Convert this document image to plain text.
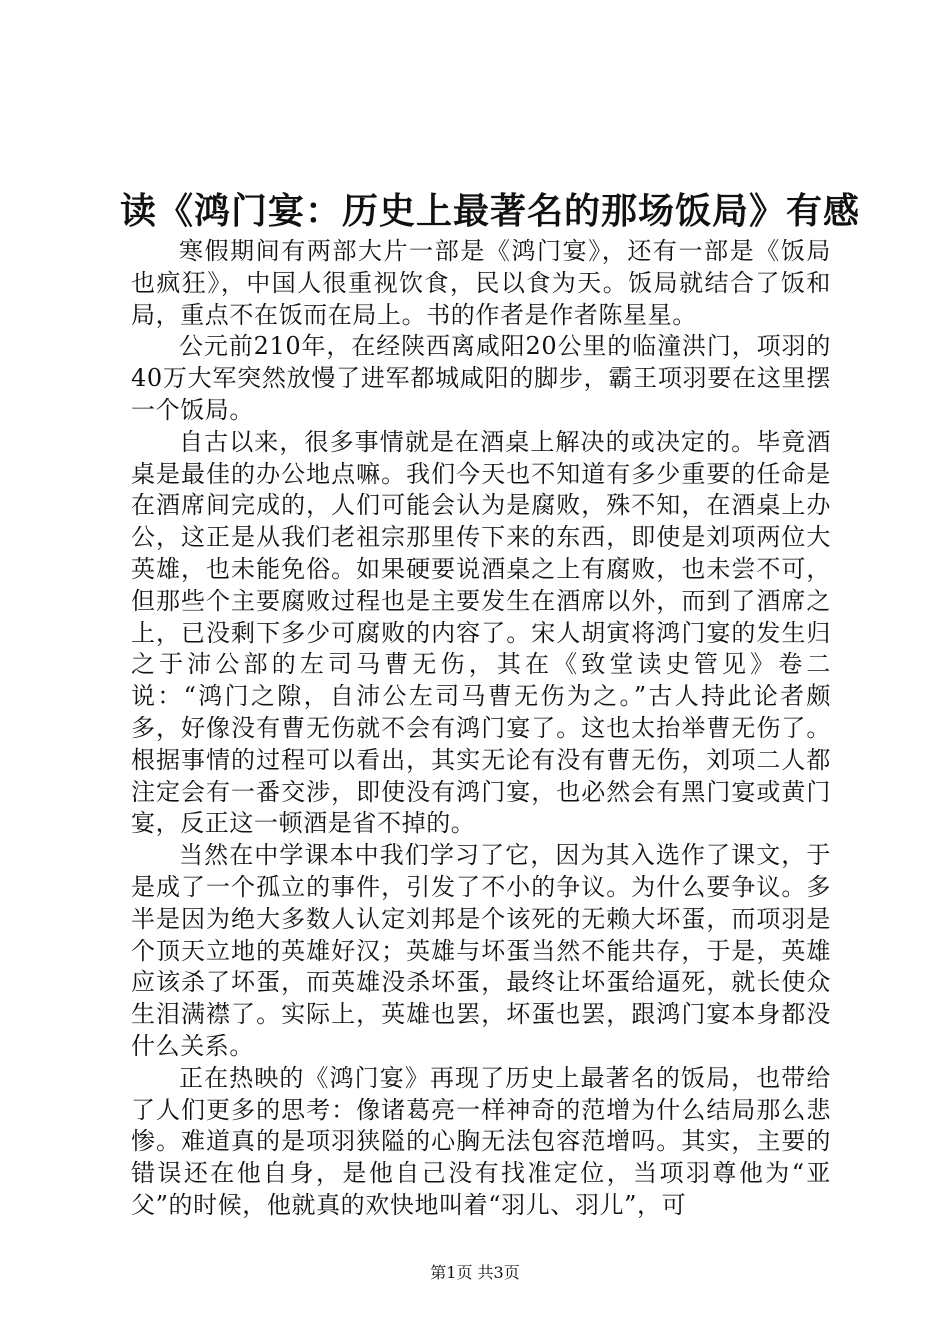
读《鸿门宴：历史上最著名的那场饭局》有感

寒假期间有两部大片一部是《鸿门宴》，还有一部是《饭局也疯狂》，中国人很重视饮食，民以食为天。饭局就结合了饭和局，重点不在饭而在局上。书的作者是作者陈星星。

公元前210年，在经陕西离咸阳20公里的临潼洪门，项羽的40万大军突然放慢了进军都城咸阳的脚步，霸王项羽要在这里摆一个饭局。

自古以来，很多事情就是在酒桌上解决的或决定的。毕竟酒桌是最佳的办公地点嘛。我们今天也不知道有多少重要的任命是在酒席间完成的，人们可能会认为是腐败，殊不知，在酒桌上办公，这正是从我们老祖宗那里传下来的东西，即使是刘项两位大英雄，也未能免俗。如果硬要说酒桌之上有腐败，也未尝不可，但那些个主要腐败过程也是主要发生在酒席以外，而到了酒席之上，已没剩下多少可腐败的内容了。宋人胡寅将鸿门宴的发生归之于沛公部的左司马曹无伤，其在《致堂读史管见》卷二说：“鸿门之隙，自沛公左司马曹无伤为之。”古人持此论者颇多，好像没有曹无伤就不会有鸿门宴了。这也太抬举曹无伤了。根据事情的过程可以看出，其实无论有没有曹无伤，刘项二人都注定会有一番交涉，即使没有鸿门宴，也必然会有黑门宴或黄门宴，反正这一顿酒是省不掉的。

当然在中学课本中我们学习了它，因为其入选作了课文，于是成了一个孤立的事件，引发了不小的争议。为什么要争议。多半是因为绝大多数人认定刘邦是个该死的无赖大坏蛋，而项羽是个顶天立地的英雄好汉；英雄与坏蛋当然不能共存，于是，英雄应该杀了坏蛋，而英雄没杀坏蛋，最终让坏蛋给逼死，就长使众生泪满襟了。实际上，英雄也罢，坏蛋也罢，跟鸿门宴本身都没什么关系。

正在热映的《鸿门宴》再现了历史上最著名的饭局，也带给了人们更多的思考：像诸葛亮一样神奇的范增为什么结局那么悲惨。难道真的是项羽狭隘的心胸无法包容范增吗。其实，主要的错误还在他自身，是他自己没有找准定位，当项羽尊他为“亚父”的时候，他就真的欢快地叫着“羽儿、羽儿”，可

第1页 共3页
